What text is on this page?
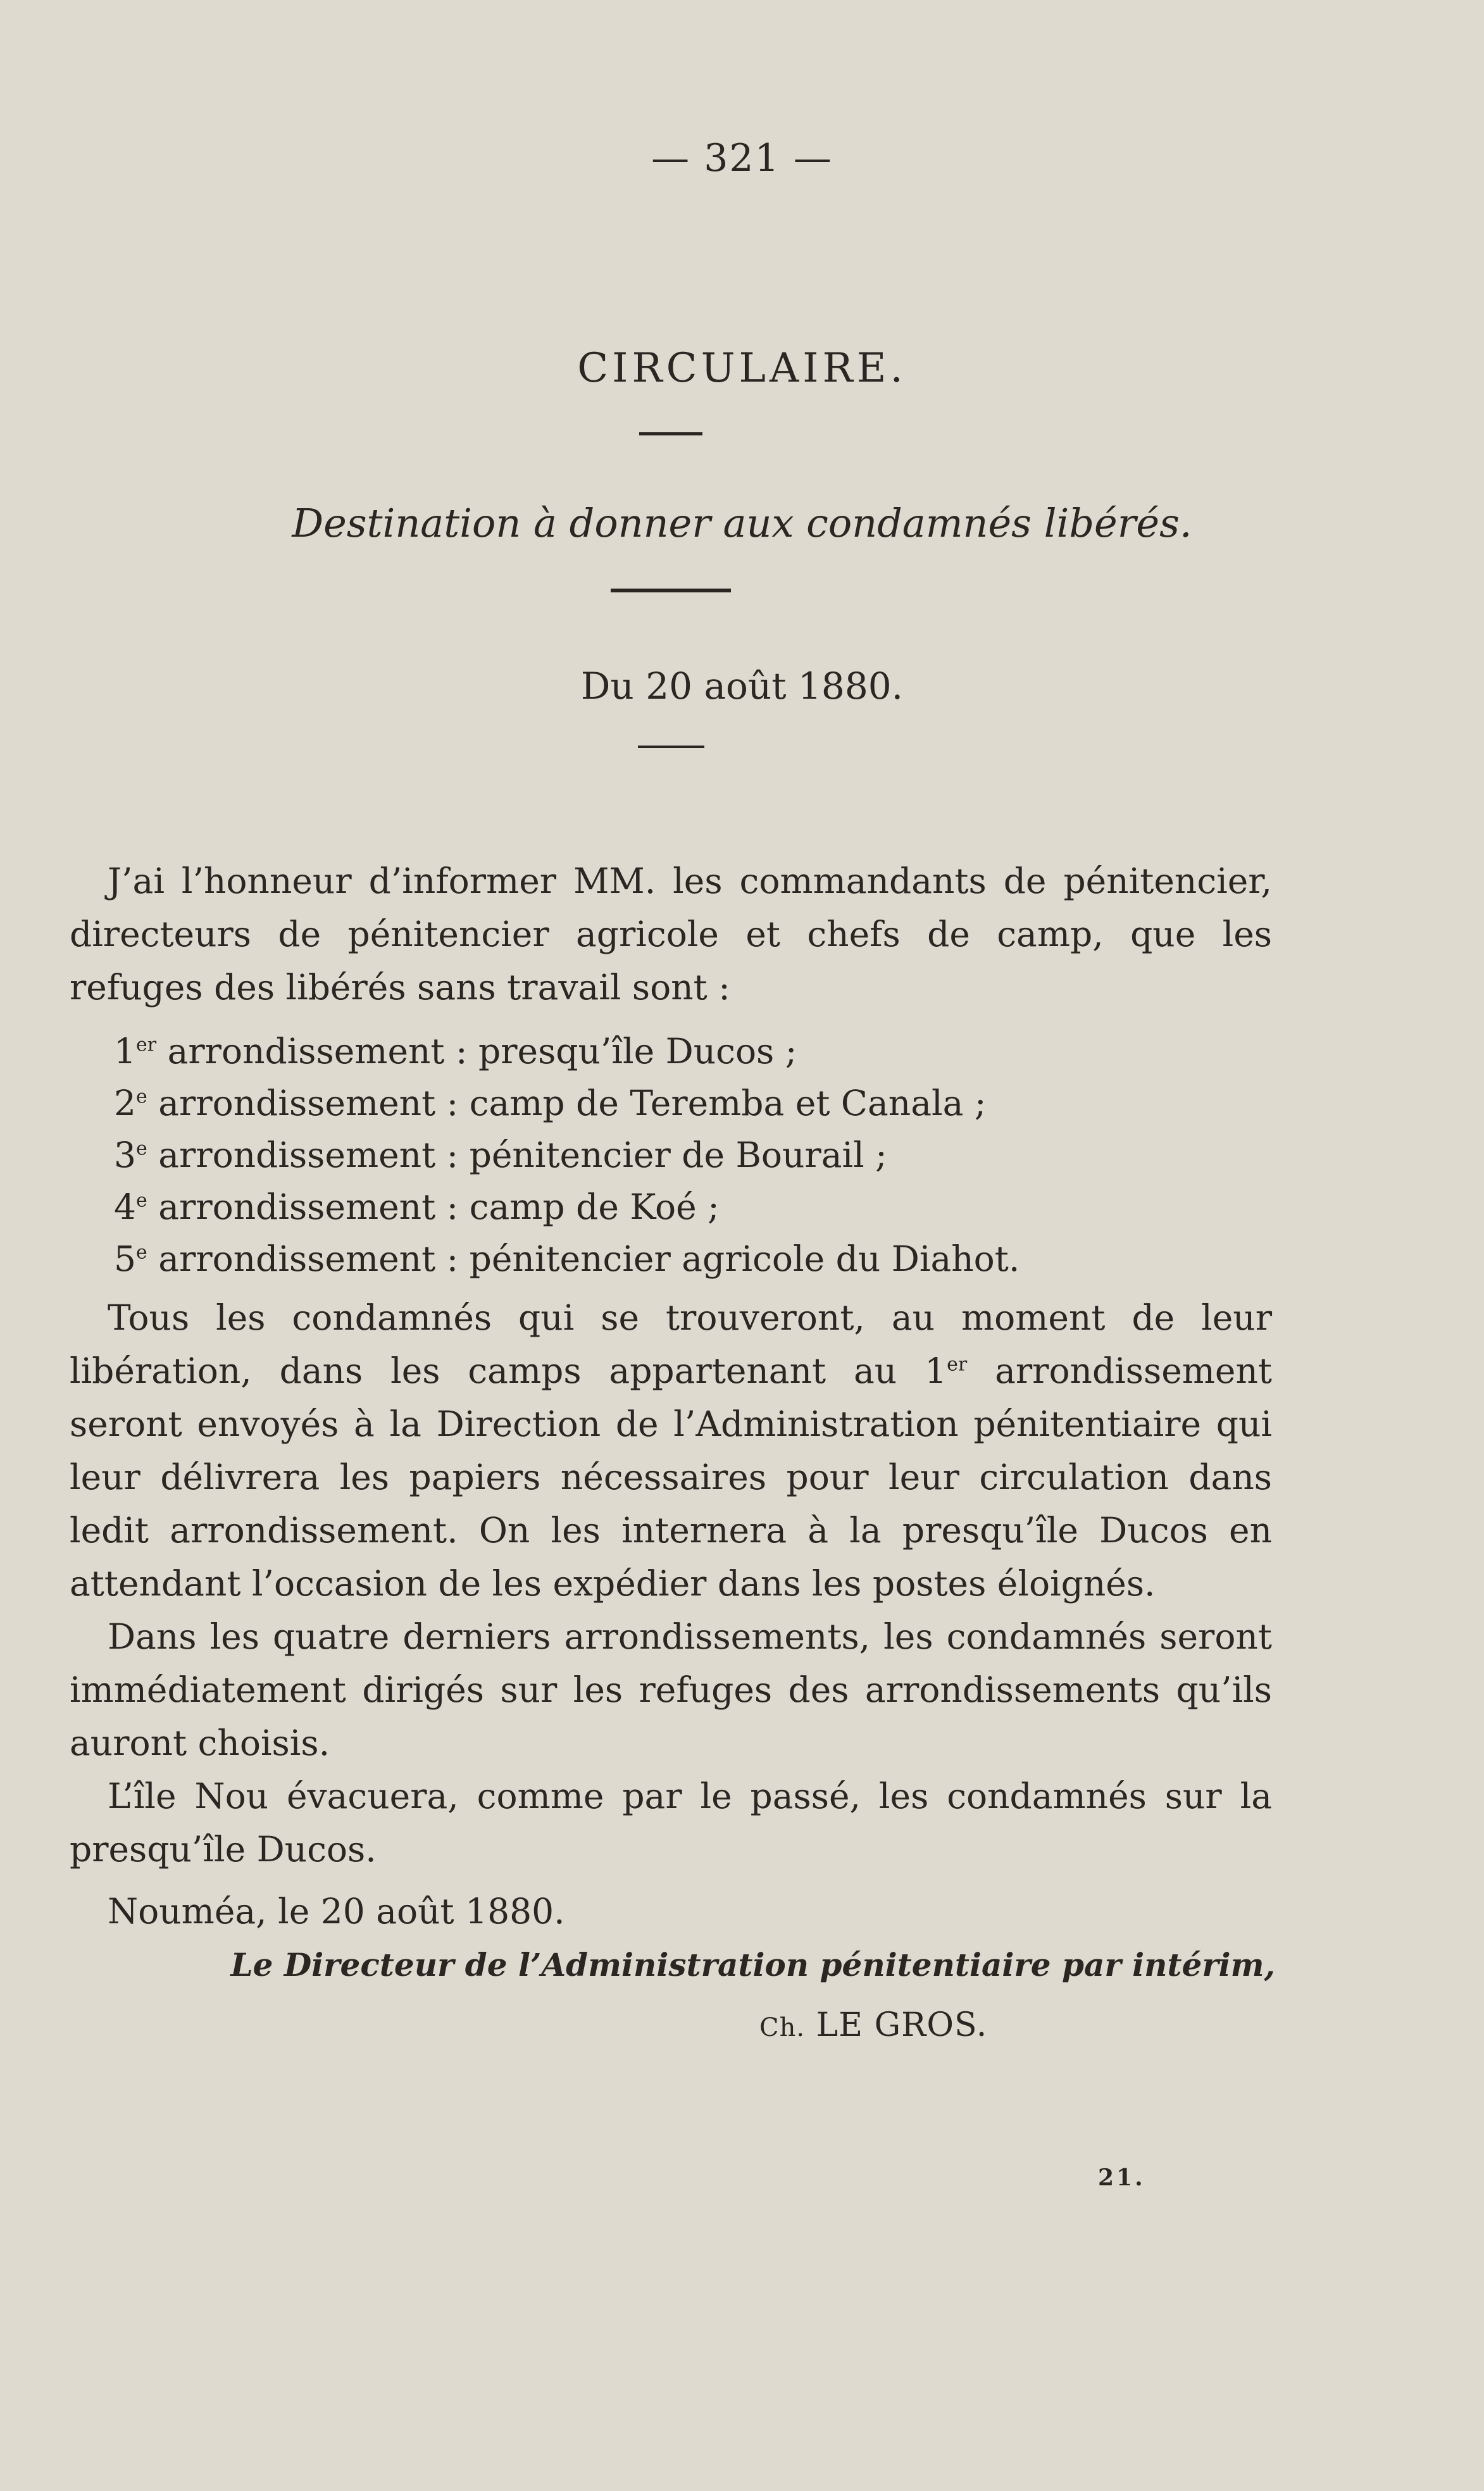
— 321 —
CIRCULAIRE.
Destination à donner aux condamnés libérés.
Du 20 août 1880.

J’ai l’honneur d’informer MM. les commandants de pénitencier, directeurs de pénitencier agricole et chefs de camp, que les refuges des libérés sans travail sont :

1er arrondissement : presqu’île Ducos ;

2e arrondissement : camp de Teremba et Canala ;

3e arrondissement : pénitencier de Bourail ;

4e arrondissement : camp de Koé ;

5e arrondissement : pénitencier agricole du Diahot.

Tous les condamnés qui se trouveront, au moment de leur libération, dans les camps appartenant au 1er arrondissement seront envoyés à la Direction de l’Administration pénitentiaire qui leur délivrera les papiers nécessaires pour leur circulation dans ledit arrondissement. On les internera à la presqu’île Ducos en attendant l’occasion de les expédier dans les postes éloignés.

Dans les quatre derniers arrondissements, les condamnés seront immédiatement dirigés sur les refuges des arrondissements qu’ils auront choisis.

L’île Nou évacuera, comme par le passé, les condamnés sur la presqu’île Ducos.

Nouméa, le 20 août 1880.

Le Directeur de l’Administration pénitentiaire par intérim,
Ch. LE GROS.
21.
